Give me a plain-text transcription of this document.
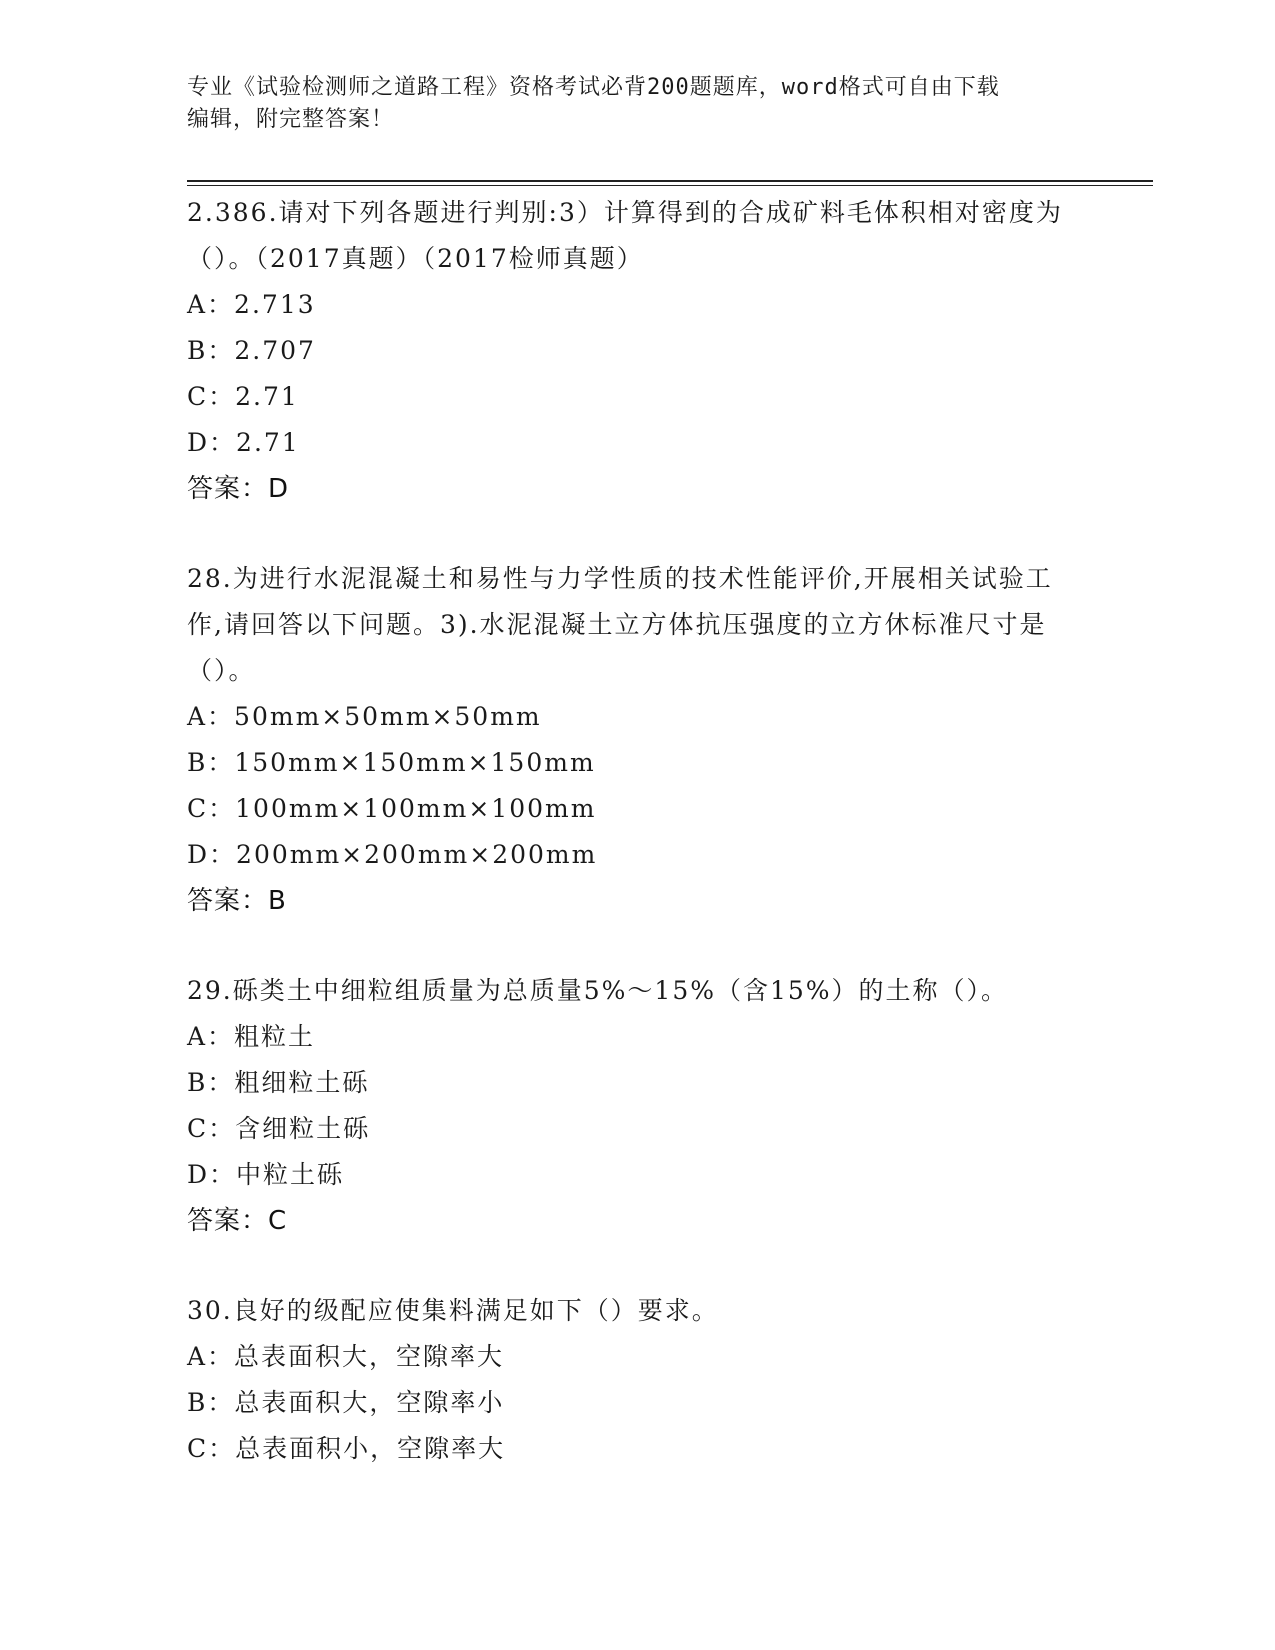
专业《试验检测师之道路工程》资格考试必背200题题库，word格式可自由下载
编辑，附完整答案！
2.386.请对下列各题进行判别:3）计算得到的合成矿料毛体积相对密度为（）。（2017真题）（2017检师真题）
A：2.713
B：2.707
C：2.71
D：2.71
答案：D
28.为进行水泥混凝土和易性与力学性质的技术性能评价,开展相关试验工作,请回答以下问题。3).水泥混凝土立方体抗压强度的立方休标准尺寸是（）。
A：50mm×50mm×50mm
B：150mm×150mm×150mm
C：100mm×100mm×100mm
D：200mm×200mm×200mm
答案：B
29.砾类土中细粒组质量为总质量5%～15%（含15%）的土称（）。
A：粗粒土
B：粗细粒土砾
C：含细粒土砾
D：中粒土砾
答案：C
30.良好的级配应使集料满足如下（）要求。
A：总表面积大，空隙率大
B：总表面积大，空隙率小
C：总表面积小，空隙率大
